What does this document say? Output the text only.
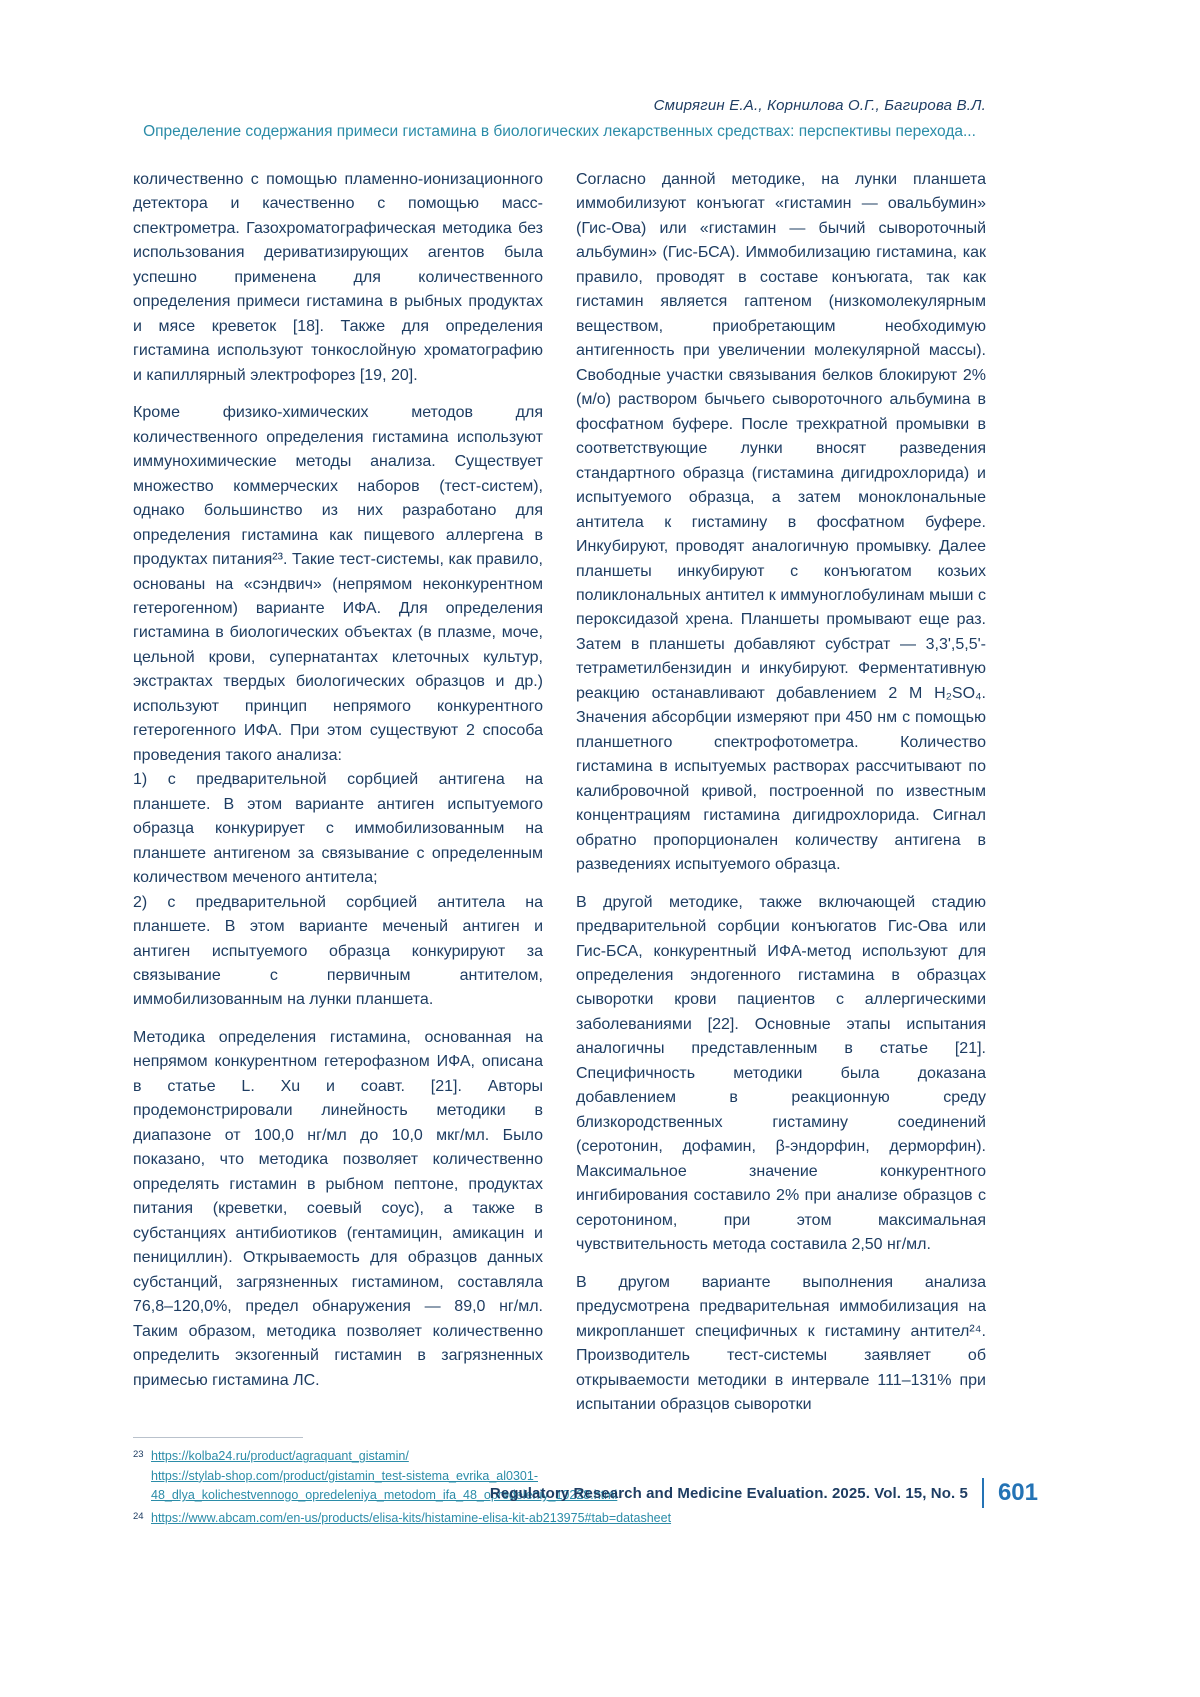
Смирягин Е.А., Корнилова О.Г., Багирова В.Л.
Определение содержания примеси гистамина в биологических лекарственных средствах: перспективы перехода...

количественно с помощью пламенно-ионизационного детектора и качественно с помощью масс-спектрометра. Газохроматографическая методика без использования дериватизирующих агентов была успешно применена для количественного определения примеси гистамина в рыбных продуктах и мясе креветок [18]. Также для определения гистамина используют тонкослойную хроматографию и капиллярный электрофорез [19, 20].

Кроме физико-химических методов для количественного определения гистамина используют иммунохимические методы анализа. Существует множество коммерческих наборов (тест-систем), однако большинство из них разработано для определения гистамина как пищевого аллергена в продуктах питания²³. Такие тест-системы, как правило, основаны на «сэндвич» (непрямом неконкурентном гетерогенном) варианте ИФА. Для определения гистамина в биологических объектах (в плазме, моче, цельной крови, супернатантах клеточных культур, экстрактах твердых биологических образцов и др.) используют принцип непрямого конкурентного гетерогенного ИФА. При этом существуют 2 способа проведения такого анализа:

1) с предварительной сорбцией антигена на планшете. В этом варианте антиген испытуемого образца конкурирует с иммобилизованным на планшете антигеном за связывание с определенным количеством меченого антитела;

2) с предварительной сорбцией антитела на планшете. В этом варианте меченый антиген и антиген испытуемого образца конкурируют за связывание с первичным антителом, иммобилизованным на лунки планшета.

Методика определения гистамина, основанная на непрямом конкурентном гетерофазном ИФА, описана в статье L. Xu и соавт. [21]. Авторы продемонстрировали линейность методики в диапазоне от 100,0 нг/мл до 10,0 мкг/мл. Было показано, что методика позволяет количественно определять гистамин в рыбном пептоне, продуктах питания (креветки, соевый соус), а также в субстанциях антибиотиков (гентамицин, амикацин и пенициллин). Открываемость для образцов данных субстанций, загрязненных гистамином, составляла 76,8–120,0%, предел обнаружения — 89,0 нг/мл. Таким образом, методика позволяет количественно определить экзогенный гистамин в загрязненных примесью гистамина ЛС.

Согласно данной методике, на лунки планшета иммобилизуют конъюгат «гистамин — овальбумин» (Гис-Ова) или «гистамин — бычий сывороточный альбумин» (Гис-БСА). Иммобилизацию гистамина, как правило, проводят в составе конъюгата, так как гистамин является гаптеном (низкомолекулярным веществом, приобретающим необходимую антигенность при увеличении молекулярной массы). Свободные участки связывания белков блокируют 2% (м/о) раствором бычьего сывороточного альбумина в фосфатном буфере. После трехкратной промывки в соответствующие лунки вносят разведения стандартного образца (гистамина дигидрохлорида) и испытуемого образца, а затем моноклональные антитела к гистамину в фосфатном буфере. Инкубируют, проводят аналогичную промывку. Далее планшеты инкубируют с конъюгатом козьих поликлональных антител к иммуноглобулинам мыши с пероксидазой хрена. Планшеты промывают еще раз. Затем в планшеты добавляют субстрат — 3,3',5,5'-тетраметилбензидин и инкубируют. Ферментативную реакцию останавливают добавлением 2 М H₂SO₄. Значения абсорбции измеряют при 450 нм с помощью планшетного спектрофотометра. Количество гистамина в испытуемых растворах рассчитывают по калибровочной кривой, построенной по известным концентрациям гистамина дигидрохлорида. Сигнал обратно пропорционален количеству антигена в разведениях испытуемого образца.

В другой методике, также включающей стадию предварительной сорбции конъюгатов Гис-Ова или Гис-БСА, конкурентный ИФА-метод используют для определения эндогенного гистамина в образцах сыворотки крови пациентов с аллергическими заболеваниями [22]. Основные этапы испытания аналогичны представленным в статье [21]. Специфичность методики была доказана добавлением в реакционную среду близкородственных гистамину соединений (серотонин, дофамин, β-эндорфин, дерморфин). Максимальное значение конкурентного ингибирования составило 2% при анализе образцов с серотонином, при этом максимальная чувствительность метода составила 2,50 нг/мл.

В другом варианте выполнения анализа предусмотрена предварительная иммобилизация на микропланшет специфичных к гистамину антител²⁴. Производитель тест-системы заявляет об открываемости методики в интервале 111–131% при испытании образцов сыворотки

23 https://kolba24.ru/product/agraquant_gistamin/
https://stylab-shop.com/product/gistamin_test-sistema_evrika_al0301-48_dlya_kolichestvennogo_opredeleniya_metodom_ifa_48_opredeleniy_10228.html
24 https://www.abcam.com/en-us/products/elisa-kits/histamine-elisa-kit-ab213975#tab=datasheet
Regulatory Research and Medicine Evaluation. 2025. Vol. 15, No. 5 601
